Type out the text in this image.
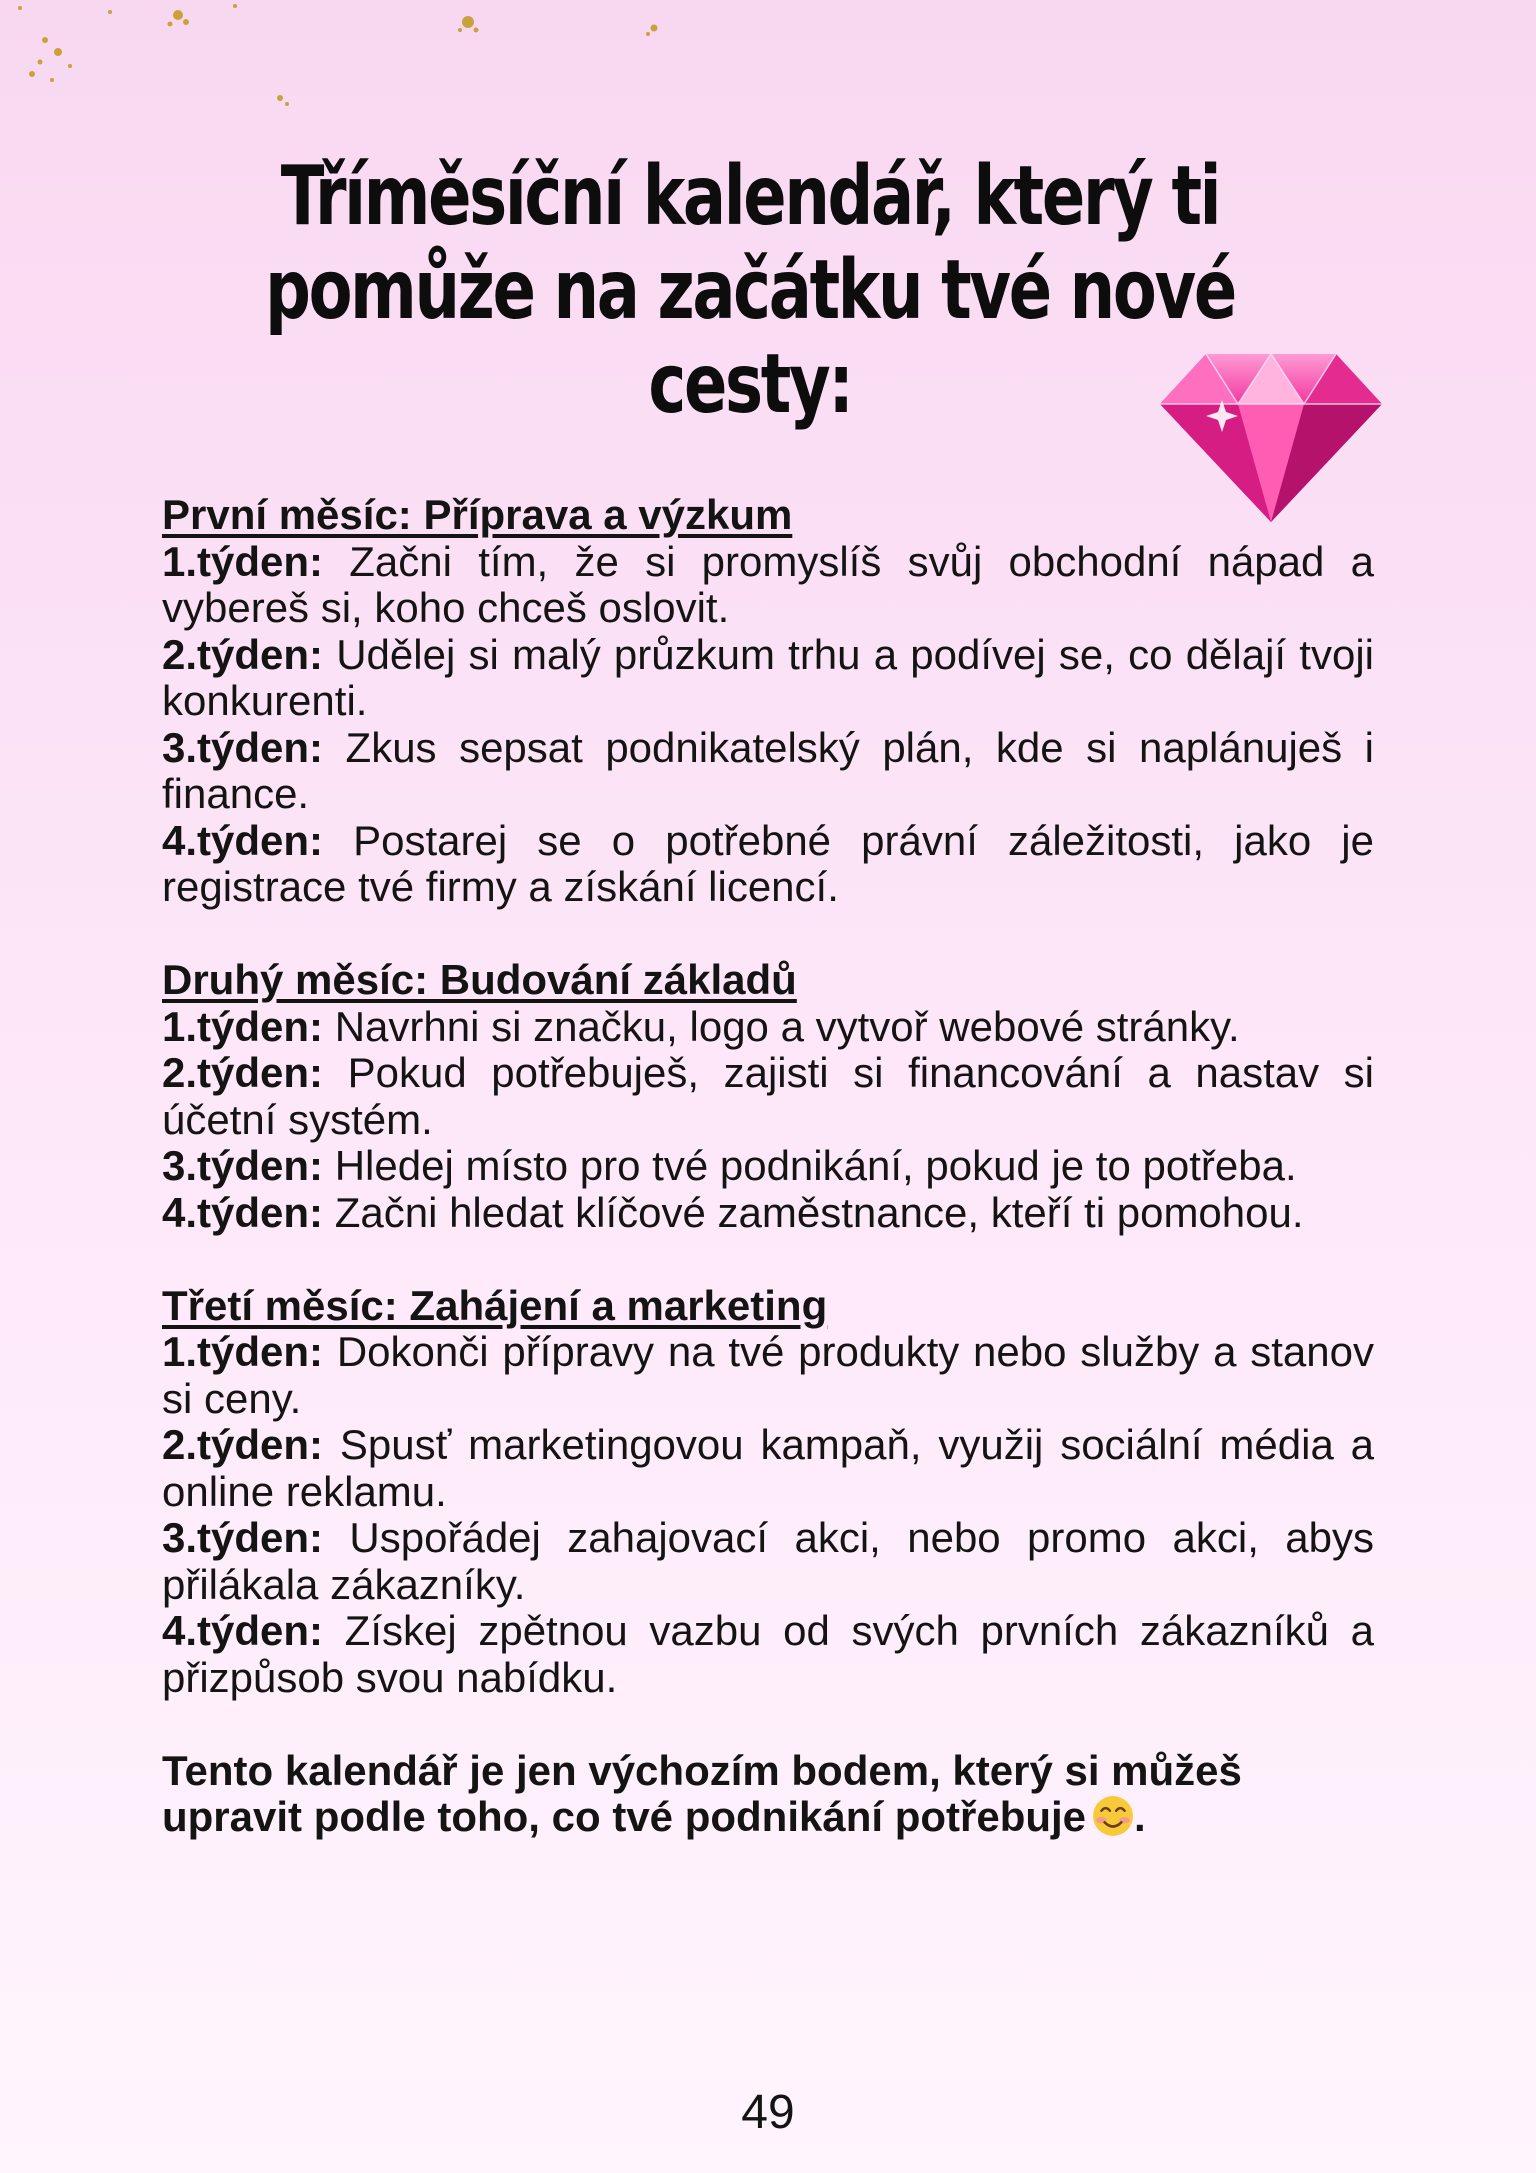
Tříměsíční kalendář, který ti pomůže na začátku tvé nové cesty:
První měsíc: Příprava a výzkum
1.týden: Začni tím, že si promyslíš svůj obchodní nápad a vybereš si, koho chceš oslovit.
2.týden: Udělej si malý průzkum trhu a podívej se, co dělají tvoji konkurenti.
3.týden: Zkus sepsat podnikatelský plán, kde si naplánuješ i finance.
4.týden: Postarej se o potřebné právní záležitosti, jako je registrace tvé firmy a získání licencí.
Druhý měsíc: Budování základů
1.týden: Navrhni si značku, logo a vytvoř webové stránky.
2.týden: Pokud potřebuješ, zajisti si financování a nastav si účetní systém.
3.týden: Hledej místo pro tvé podnikání, pokud je to potřeba.
4.týden: Začni hledat klíčové zaměstnance, kteří ti pomohou.
Třetí měsíc: Zahájení a marketing
1.týden: Dokonči přípravy na tvé produkty nebo služby a stanov si ceny.
2.týden: Spusť marketingovou kampaň, využij sociální média a online reklamu.
3.týden: Uspořádej zahajovací akci, nebo promo akci, abys přilákala zákazníky.
4.týden: Získej zpětnou vazbu od svých prvních zákazníků a přizpůsob svou nabídku.
Tento kalendář je jen výchozím bodem, který si můžeš upravit podle toho, co tvé podnikání potřebuje .
49
